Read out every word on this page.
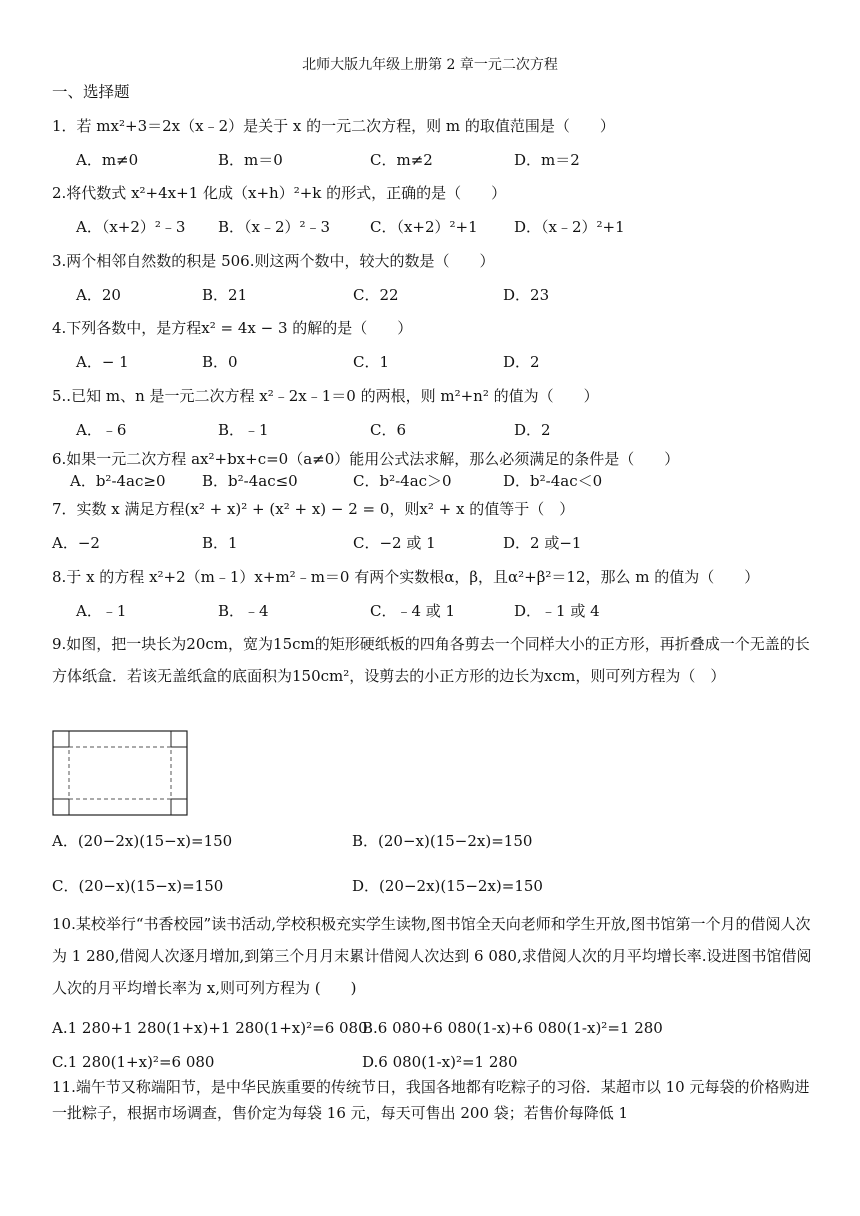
北师大版九年级上册第 2 章一元二次方程
一、选择题
1．若 mx²+3＝2x（x﹣2）是关于 x 的一元二次方程，则 m 的取值范围是（　　）
A．m≠0	B．m＝0	C．m≠2	D．m＝2
2.将代数式 x²+4x+1 化成（x+h）²+k 的形式，正确的是（　　）
A．（x+2）²﹣3 B．（x﹣2）²﹣3	C．（x+2）²+1 D．（x﹣2）²+1
3.两个相邻自然数的积是 506.则这两个数中，较大的数是（　　）
A．20	B．21	C．22	D．23
4.下列各数中，是方程x² = 4x − 3 的解的是（　　）
A．− 1	B．0	C．1	D．2
5..已知 m、n 是一元二次方程 x²﹣2x﹣1＝0 的两根，则 m²+n² 的值为（　　）
A．﹣6	B．﹣1	C．6	D．2
6.如果一元二次方程 ax²+bx+c=0（a≠0）能用公式法求解，那么必须满足的条件是（　　）
A．b²-4ac≥0 B．b²-4ac≤0	C．b²-4ac＞0	D．b²-4ac＜0
7．实数 x 满足方程(x² + x)² + (x² + x) − 2 = 0，则x² + x 的值等于（　）
A．−2	B．1	C．−2 或 1	D．2 或−1
8.于 x 的方程 x²+2（m﹣1）x+m²﹣m＝0 有两个实数根α，β，且α²+β²＝12，那么 m 的值为（　　）
A．﹣1	B．﹣4	C．﹣4 或 1	D．﹣1 或 4
9.如图，把一块长为20cm，宽为15cm的矩形硬纸板的四角各剪去一个同样大小的正方形，再折叠成一个无盖的长方体纸盒．若该无盖纸盒的底面积为150cm²，设剪去的小正方形的边长为xcm，则可列方程为（　）
A．(20−2x)(15−x)=150	B．(20−x)(15−2x)=150
C．(20−x)(15−x)=150	D．(20−2x)(15−2x)=150
10.某校举行“书香校园”读书活动,学校积极充实学生读物,图书馆全天向老师和学生开放,图书馆第一个月的借阅人次为 1 280,借阅人次逐月增加,到第三个月月末累计借阅人次达到 6 080,求借阅人次的月平均增长率.设进图书馆借阅人次的月平均增长率为 x,则可列方程为 (　　)
A.1 280+1 280(1+x)+1 280(1+x)²=6 080
B.6 080+6 080(1-x)+6 080(1-x)²=1 280
C.1 280(1+x)²=6 080	D.6 080(1-x)²=1 280
11.端午节又称端阳节，是中华民族重要的传统节日，我国各地都有吃粽子的习俗．某超市以 10 元每袋的价格购进一批粽子，根据市场调查，售价定为每袋 16 元，每天可售出 200 袋；若售价每降低 1
